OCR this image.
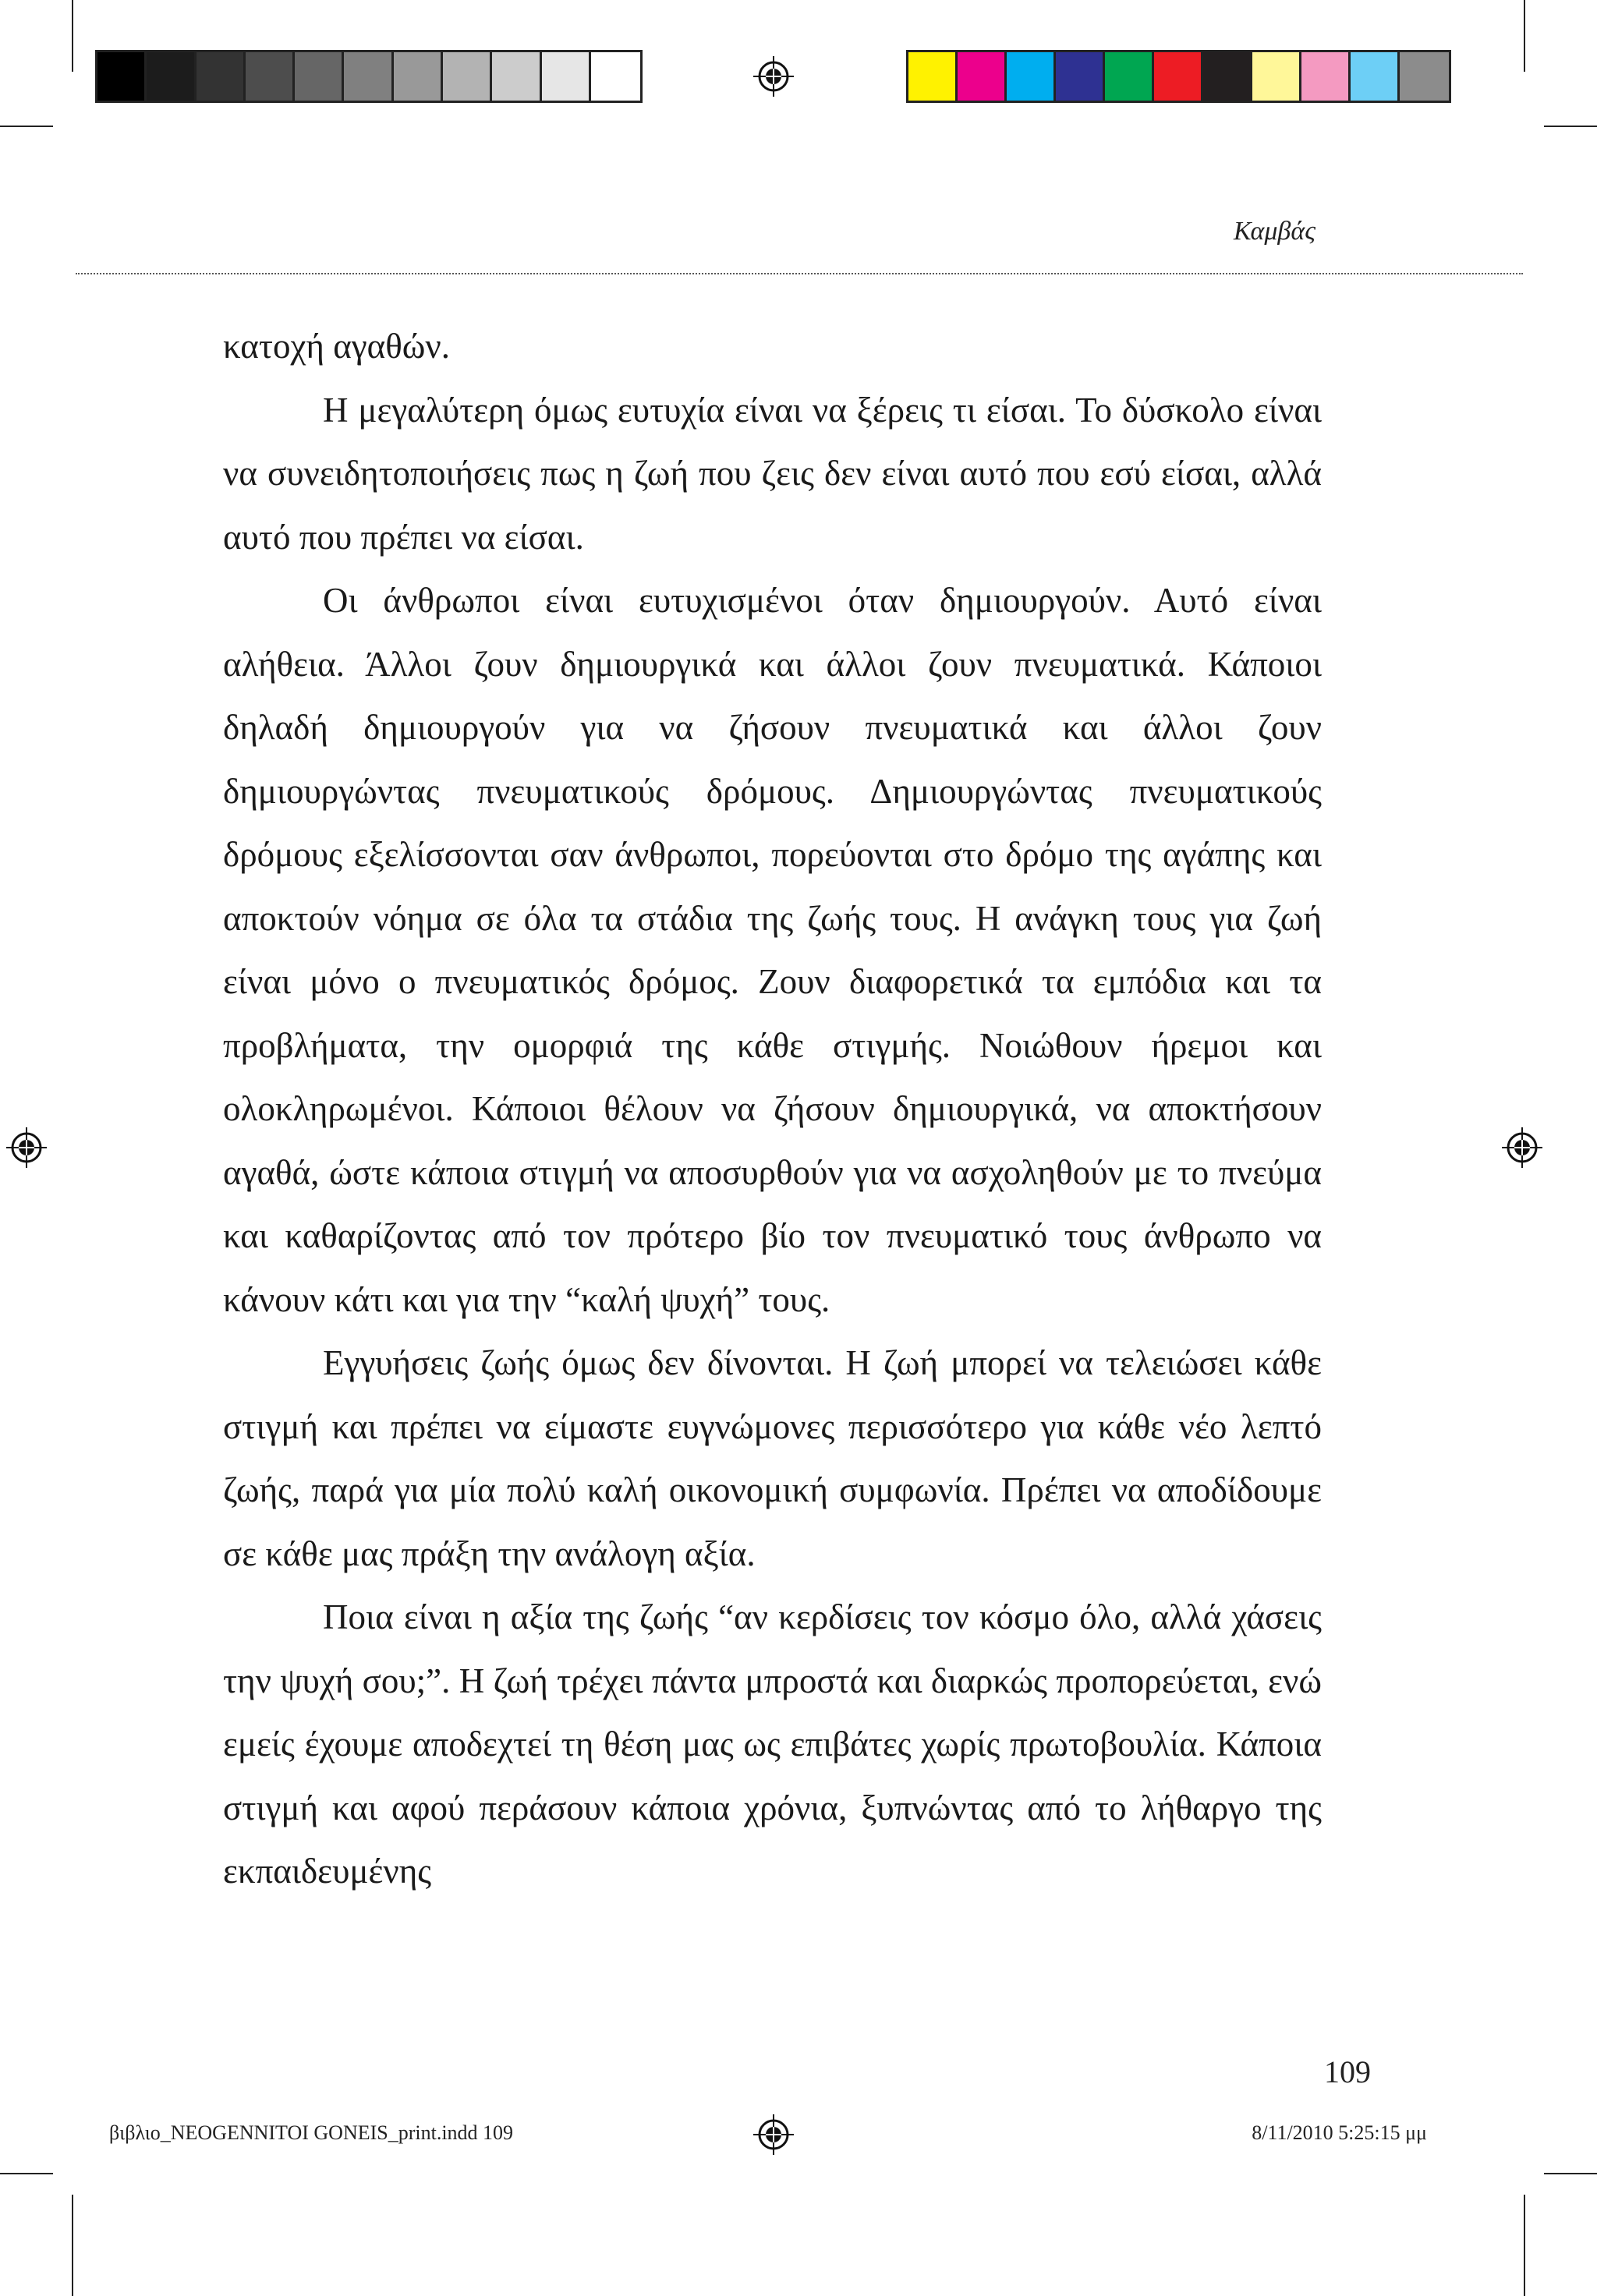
Καμβάς

κατοχή αγαθών.

Η μεγαλύτερη όμως ευτυχία είναι να ξέρεις τι είσαι. Το δύσκολο είναι να συνειδητοποιήσεις πως η ζωή που ζεις δεν είναι αυτό που εσύ είσαι, αλλά αυτό που πρέπει να είσαι.

Οι άνθρωποι είναι ευτυχισμένοι όταν δημιουργούν. Αυτό είναι αλήθεια. Άλλοι ζουν δημιουργικά και άλλοι ζουν πνευματικά. Κάποιοι δηλαδή δημιουργούν για να ζήσουν πνευματικά και άλλοι ζουν δημιουργώντας πνευματικούς δρόμους. Δημιουργώντας πνευματικούς δρόμους εξελίσσονται σαν άνθρωποι, πορεύονται στο δρόμο της αγάπης και αποκτούν νόημα σε όλα τα στάδια της ζωής τους. Η ανάγκη τους για ζωή είναι μόνο ο πνευματικός δρόμος. Ζουν διαφορετικά τα εμπόδια και τα προβλήματα, την ομορφιά της κάθε στιγμής. Νοιώθουν ήρεμοι και ολοκληρωμένοι. Κάποιοι θέλουν να ζήσουν δημιουργικά, να αποκτήσουν αγαθά, ώστε κάποια στιγμή να αποσυρθούν για να ασχοληθούν με το πνεύμα και καθαρίζοντας από τον πρότερο βίο τον πνευματικό τους άνθρωπο να κάνουν κάτι και για την “καλή ψυχή” τους.

Εγγυήσεις ζωής όμως δεν δίνονται. Η ζωή μπορεί να τελειώσει κάθε στιγμή και πρέπει να είμαστε ευγνώμονες περισσότερο για κάθε νέο λεπτό ζωής, παρά για μία πολύ καλή οικονομική συμφωνία. Πρέπει να αποδίδουμε σε κάθε μας πράξη την ανάλογη αξία.

Ποια είναι η αξία της ζωής “αν κερδίσεις τον κόσμο όλο, αλλά χάσεις την ψυχή σου;”. Η ζωή τρέχει πάντα μπροστά και διαρκώς προπορεύεται, ενώ εμείς έχουμε αποδεχτεί τη θέση μας ως επιβάτες χωρίς πρωτοβουλία. Κάποια στιγμή και αφού περάσουν κάποια χρόνια, ξυπνώντας από το λήθαργο της εκπαιδευμένης

109
βιβλιο_NEOGENNITOI GONEIS_print.indd 109	8/11/2010 5:25:15 μμ
